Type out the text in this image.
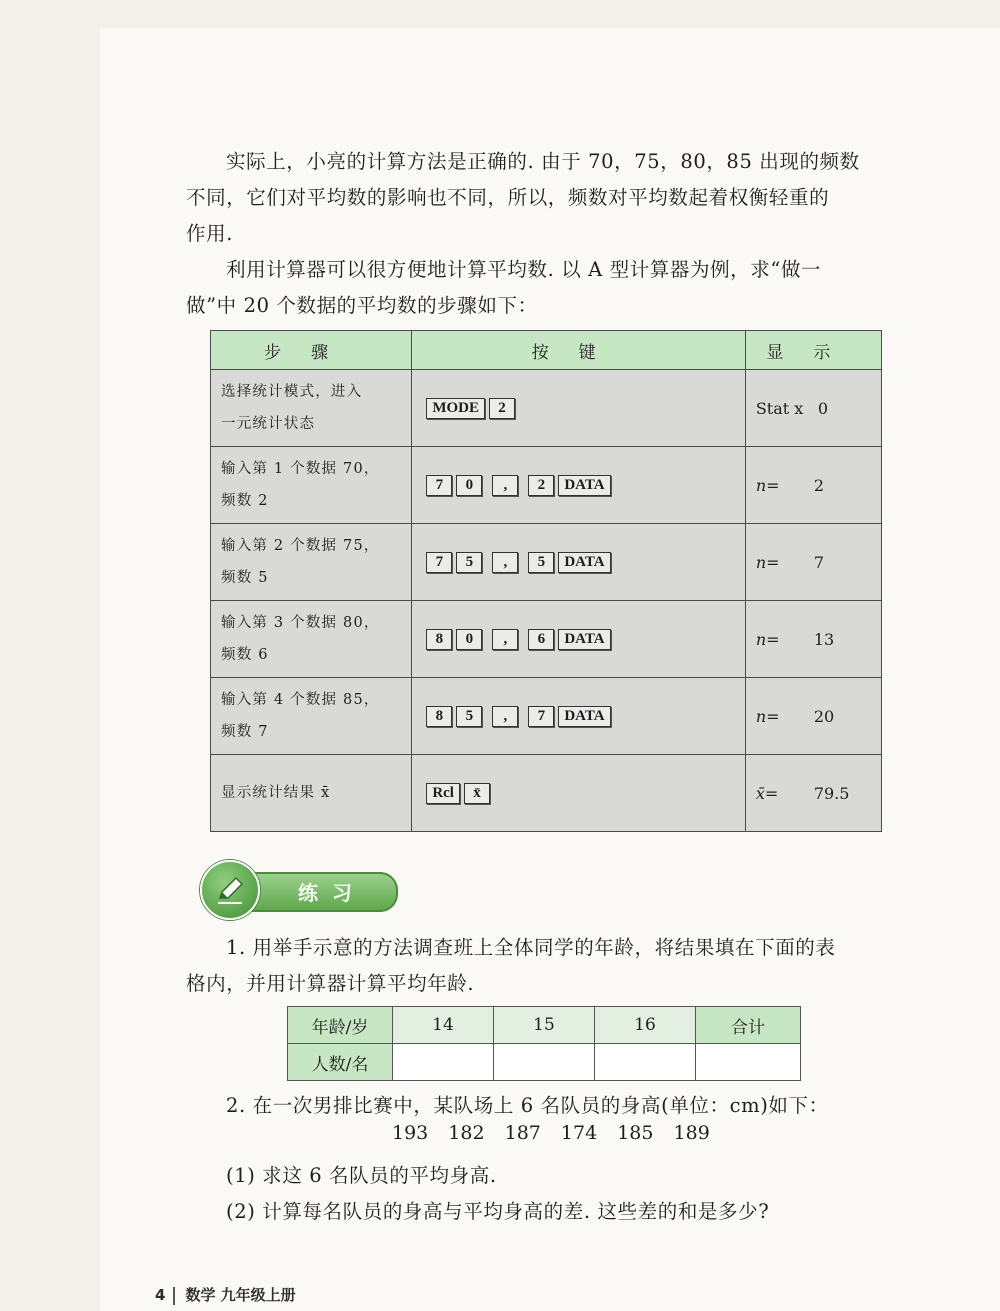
实际上，小亮的计算方法是正确的. 由于 70，75，80，85 出现的频数

不同，它们对平均数的影响也不同，所以，频数对平均数起着权衡轻重的

作用.

利用计算器可以很方便地计算平均数. 以 A 型计算器为例，求“做一

做”中 20 个数据的平均数的步骤如下：

步骤	按键	显示
选择统计模式，进入
一元统计状态	MODE 2	Stat x 0
输入第 1 个数据 70，
频数 2	7 0 , 2 DATA	n= 2
输入第 2 个数据 75，
频数 5	7 5 , 5 DATA	n= 7
输入第 3 个数据 80，
频数 6	8 0 , 6 DATA	n= 13
输入第 4 个数据 85，
频数 7	8 5 , 7 DATA	n= 20
显示统计结果 x̄	Rcl x̄	x̄= 79.5
练习

1. 用举手示意的方法调查班上全体同学的年龄，将结果填在下面的表

格内，并用计算器计算平均年龄.

年龄/岁	14	15	16	合计
人数/名				

2. 在一次男排比赛中，某队场上 6 名队员的身高(单位：cm)如下：

193 182 187 174 185 189

(1) 求这 6 名队员的平均身高.

(2) 计算每名队员的身高与平均身高的差. 这些差的和是多少?

4 数学 九年级上册
